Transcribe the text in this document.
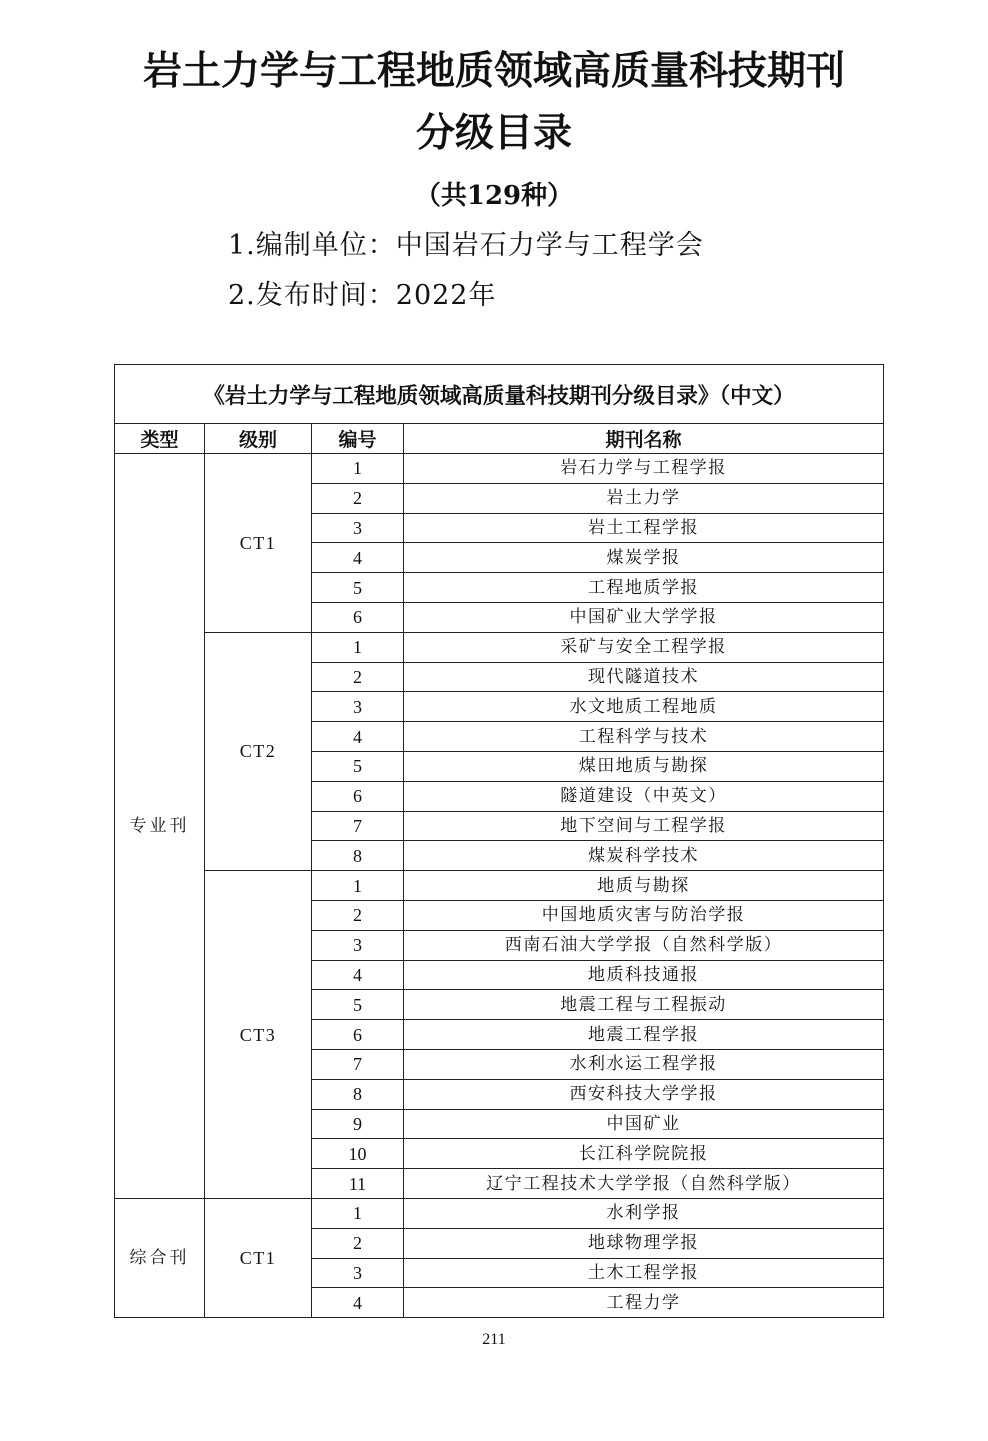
岩土力学与工程地质领域高质量科技期刊
分级目录
（共129种）
1.编制单位：中国岩石力学与工程学会
2.发布时间：2022年
《岩土力学与工程地质领域高质量科技期刊分级目录》（中文）			
类型	级别	编号	期刊名称
专业刊	CT1	1	岩石力学与工程学报
		2	岩土力学
		3	岩土工程学报
		4	煤炭学报
		5	工程地质学报
		6	中国矿业大学学报
	CT2	1	采矿与安全工程学报
		2	现代隧道技术
		3	水文地质工程地质
		4	工程科学与技术
		5	煤田地质与勘探
		6	隧道建设（中英文）
		7	地下空间与工程学报
		8	煤炭科学技术
	CT3	1	地质与勘探
		2	中国地质灾害与防治学报
		3	西南石油大学学报（自然科学版）
		4	地质科技通报
		5	地震工程与工程振动
		6	地震工程学报
		7	水利水运工程学报
		8	西安科技大学学报
		9	中国矿业
		10	长江科学院院报
		11	辽宁工程技术大学学报（自然科学版）
综合刊	CT1	1	水利学报
		2	地球物理学报
		3	土木工程学报
		4	工程力学
211
